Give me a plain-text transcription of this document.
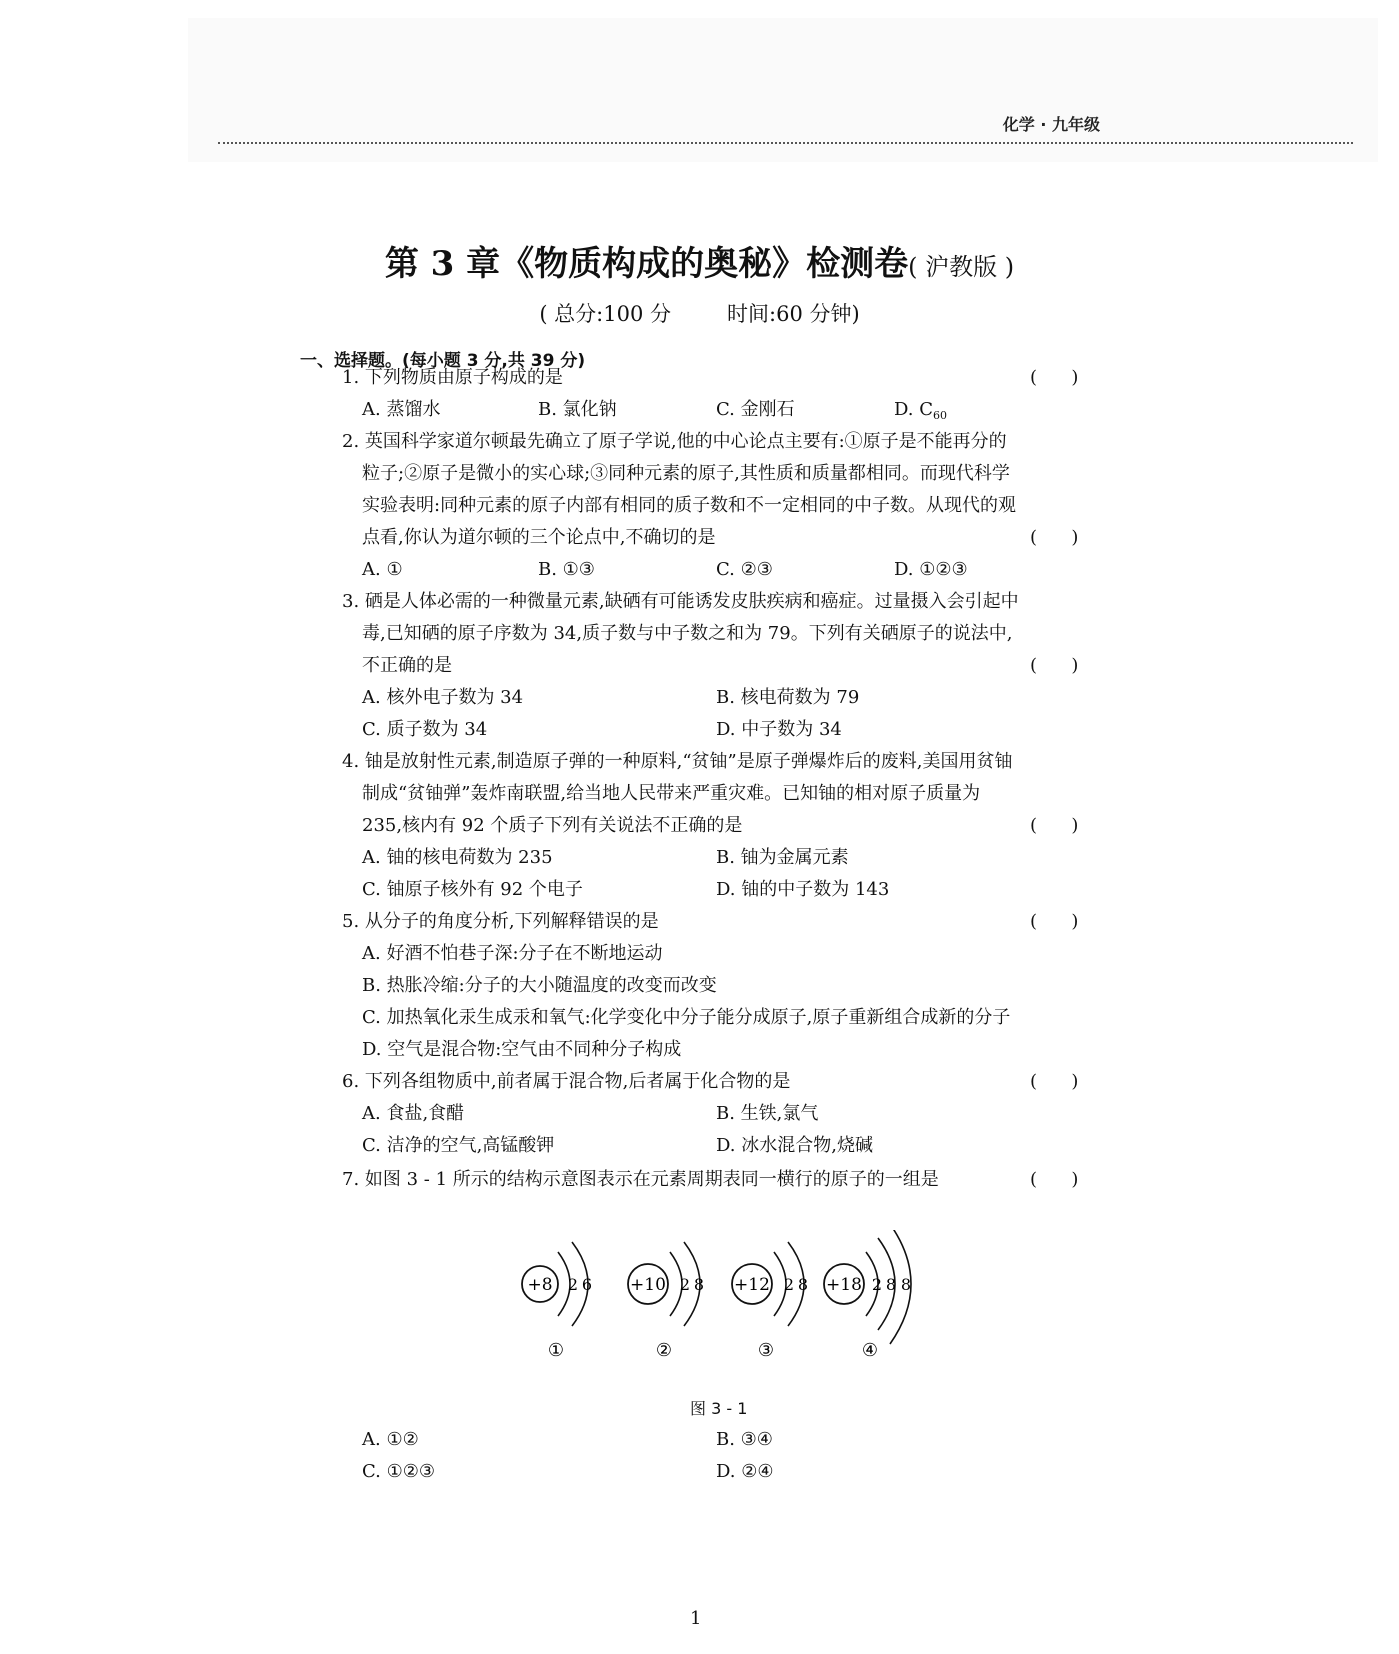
化学 · 九年级
第 3 章《物质构成的奥秘》检测卷( 沪教版 )
( 总分:100 分	时间:60 分钟)
一、选择题。(每小题 3 分,共 39 分)
1. 下列物质由原子构成的是	(      )
A. 蒸馏水	B. 氯化钠	C. 金刚石	D. $C_{60}$
2. 英国科学家道尔顿最先确立了原子学说,他的中心论点主要有:①原子是不能再分的
粒子;②原子是微小的实心球;③同种元素的原子,其性质和质量都相同。而现代科学
实验表明:同种元素的原子内部有相同的质子数和不一定相同的中子数。从现代的观
点看,你认为道尔顿的三个论点中,不确切的是	(      )
A. ①	B. ①③	C. ②③	D. ①②③
3. 硒是人体必需的一种微量元素,缺硒有可能诱发皮肤疾病和癌症。过量摄入会引起中
毒,已知硒的原子序数为 34,质子数与中子数之和为 79。下列有关硒原子的说法中,
不正确的是	(      )
A. 核外电子数为 34	B. 核电荷数为 79
C. 质子数为 34	D. 中子数为 34
4. 铀是放射性元素,制造原子弹的一种原料,“贫铀”是原子弹爆炸后的废料,美国用贫铀
制成“贫铀弹”轰炸南联盟,给当地人民带来严重灾难。已知铀的相对原子质量为
235,核内有 92 个质子下列有关说法不正确的是	(      )
A. 铀的核电荷数为 235	B. 铀为金属元素
C. 铀原子核外有 92 个电子	D. 铀的中子数为 143
5. 从分子的角度分析,下列解释错误的是	(      )
A. 好酒不怕巷子深:分子在不断地运动
B. 热胀冷缩:分子的大小随温度的改变而改变
C. 加热氧化汞生成汞和氧气:化学变化中分子能分成原子,原子重新组合成新的分子
D. 空气是混合物:空气由不同种分子构成
6. 下列各组物质中,前者属于混合物,后者属于化合物的是	(      )
A. 食盐,食醋	B. 生铁,氯气
C. 洁净的空气,高锰酸钾	D. 冰水混合物,烧碱
7. 如图 3 - 1 所示的结构示意图表示在元素周期表同一横行的原子的一组是	(      )
+8 2 6
①
+10 2 8
②
+12 2 8
③
+18 2 8 8
④
图 3 - 1
A. ①②	B. ③④
C. ①②③	D. ②④
1
